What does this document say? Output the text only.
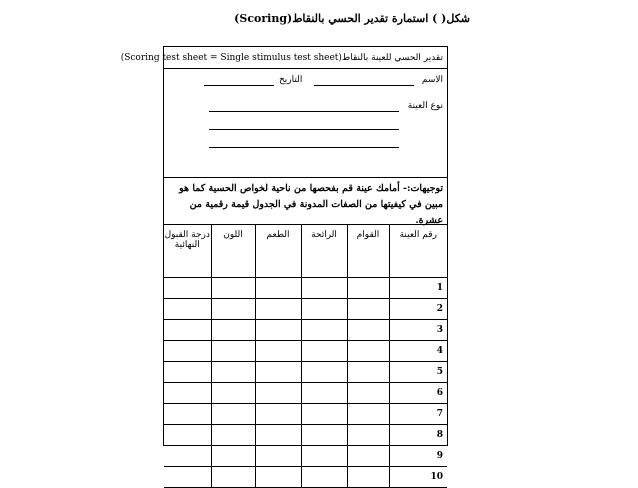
شكل( ) استمارة تقدير الحسي بالنقاط(Scoring)
تقدير الحسي للعينة بالنقاط(Scoring test sheet = Single stimulus test sheet)
الاسم
التاريخ
نوع العينة
توجيهات:- أمامك عينة قم بفحصها من ناحية لخواص الحسية كما هو مبين في كيفيتها من الصفات المدونة في الجدول قيمة رقمية من عشرة.
رقم العينة	القوام	الرائحة	الطعم	اللون	درجة القبول النهائية
1					
2					
3					
4					
5					
6					
7					
8					
9					
10					
